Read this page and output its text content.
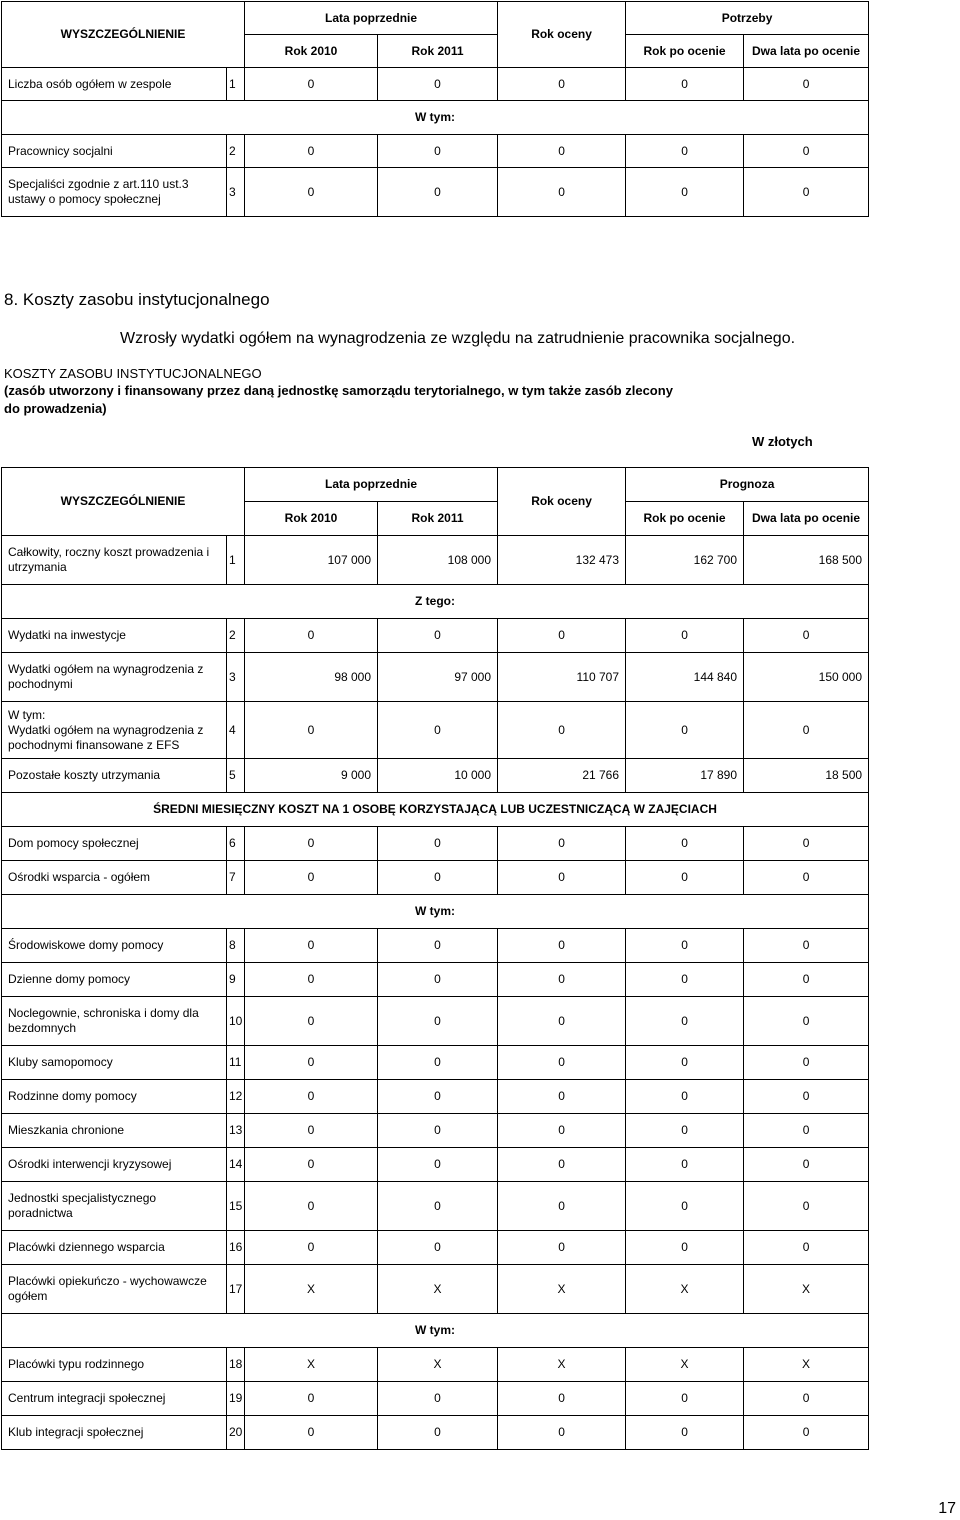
WYSZCZEGÓLNIENIE		Lata poprzednie		Rok oceny	Potrzeby	
		Rok 2010	Rok 2011		Rok po ocenie	Dwa lata po ocenie
Liczba osób ogółem w zespole	1	0	0	0	0	0
W tym:						
Pracownicy socjalni	2	0	0	0	0	0
Specjaliści zgodnie z art.110 ust.3 ustawy o pomocy społecznej	3	0	0	0	0	0
8. Koszty zasobu instytucjonalnego
Wzrosły wydatki ogółem na wynagrodzenia ze względu na zatrudnienie pracownika socjalnego.
KOSZTY ZASOBU INSTYTUCJONALNEGO
(zasób utworzony i finansowany przez daną jednostkę samorządu terytorialnego, w tym także zasób zlecony
do prowadzenia)
W złotych
WYSZCZEGÓLNIENIE		Lata poprzednie		Rok oceny	Prognoza	
		Rok 2010	Rok 2011		Rok po ocenie	Dwa lata po ocenie
Całkowity, roczny koszt prowadzenia i utrzymania	1	107 000	108 000	132 473	162 700	168 500
Z tego:						
Wydatki na inwestycje	2	0	0	0	0	0
Wydatki ogółem na wynagrodzenia z pochodnymi	3	98 000	97 000	110 707	144 840	150 000
W tym:
Wydatki ogółem na wynagrodzenia z pochodnymi finansowane z EFS	4	0	0	0	0	0
Pozostałe koszty utrzymania	5	9 000	10 000	21 766	17 890	18 500
ŚREDNI MIESIĘCZNY KOSZT NA 1 OSOBĘ KORZYSTAJĄCĄ LUB UCZESTNICZĄCĄ W ZAJĘCIACH						
Dom pomocy społecznej	6	0	0	0	0	0
Ośrodki wsparcia - ogółem	7	0	0	0	0	0
W tym:						
Środowiskowe domy pomocy	8	0	0	0	0	0
Dzienne domy pomocy	9	0	0	0	0	0
Noclegownie, schroniska i domy dla bezdomnych	10	0	0	0	0	0
Kluby samopomocy	11	0	0	0	0	0
Rodzinne domy pomocy	12	0	0	0	0	0
Mieszkania chronione	13	0	0	0	0	0
Ośrodki interwencji kryzysowej	14	0	0	0	0	0
Jednostki specjalistycznego poradnictwa	15	0	0	0	0	0
Placówki dziennego wsparcia	16	0	0	0	0	0
Placówki opiekuńczo - wychowawcze ogółem	17	X	X	X	X	X
W tym:						
Placówki typu rodzinnego	18	X	X	X	X	X
Centrum integracji społecznej	19	0	0	0	0	0
Klub integracji społecznej	20	0	0	0	0	0
17
